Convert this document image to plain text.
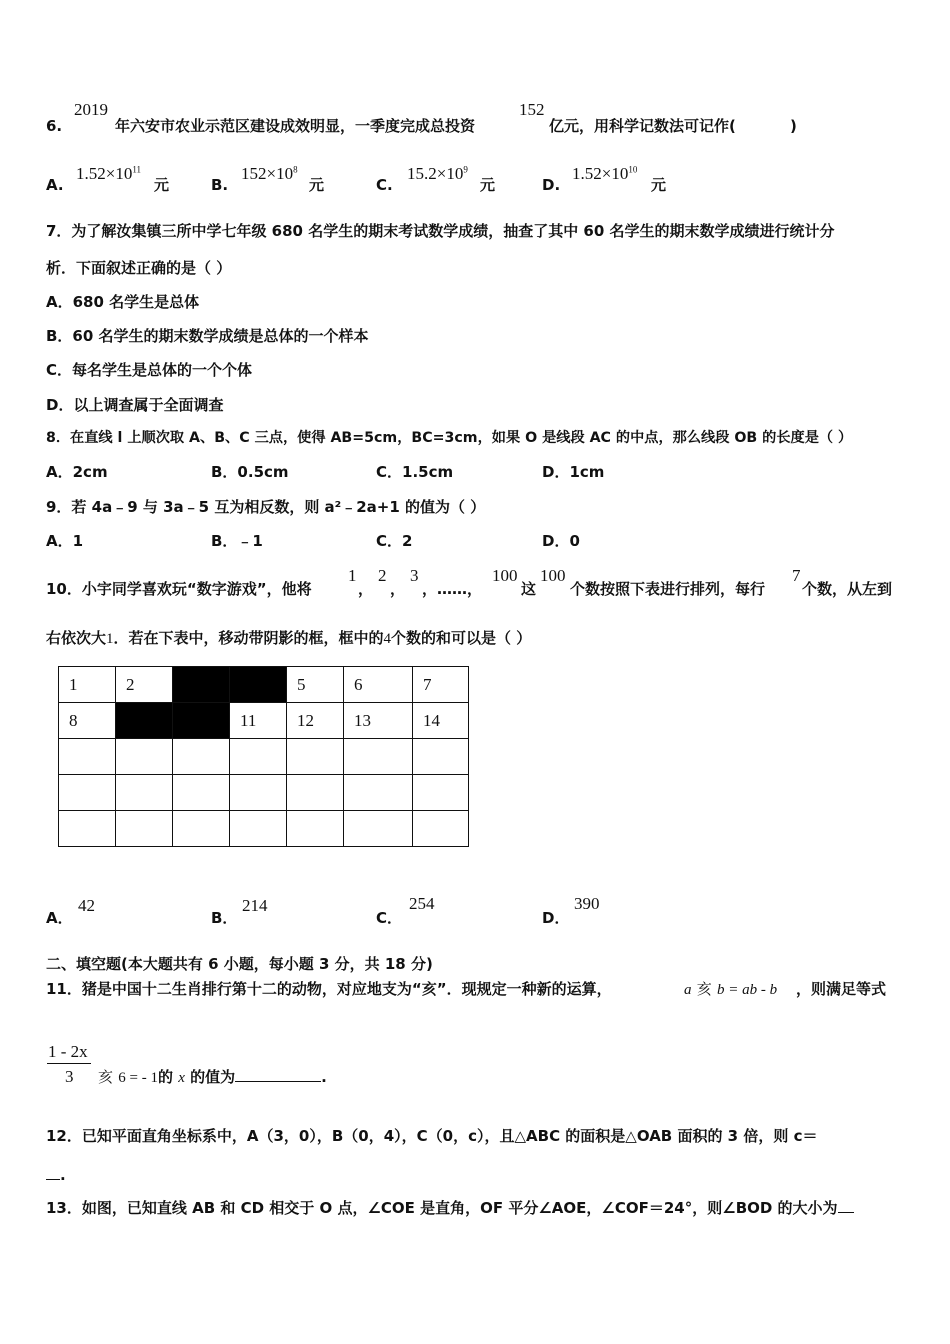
6.
2019
年六安市农业示范区建设成效明显，一季度完成总投资
152
亿元，用科学记数法可记作(	)
A.
$1.52\times 10^{11}$
元	B.
$152\times 10^8$
元	C.
$15.2\times 10^9$
元	D.
$1.52\times 10^{10}$
元
7．为了解汝集镇三所中学七年级 680 名学生的期末考试数学成绩，抽查了其中 60 名学生的期末数学成绩进行统计分
析．下面叙述正确的是（ ）
A．680 名学生是总体
B．60 名学生的期末数学成绩是总体的一个样本
C．每名学生是总体的一个个体
D．以上调查属于全面调查
8．在直线 l 上顺次取 A、B、C 三点，使得 AB=5cm，BC=3cm，如果 O 是线段 AC 的中点，那么线段 OB 的长度是（ ）
A．2cm	B．0.5cm	C．1.5cm	D．1cm
9．若 4a﹣9 与 3a﹣5 互为相反数，则 a²﹣2a+1 的值为（ ）
A．1	B．﹣1	C．2	D．0
10．小宇同学喜欢玩“数字游戏”，他将
1
，
2
，
3
，……，
100
这
100
个数按照下表进行排列，每行
7
个数，从左到
右依次大1．若在下表中，移动带阴影的框，框中的4个数的和可以是（ ）
1	2			5	6	7
8			11	12	13	14

A．
42
B．
214
C．
254
D．
390
二、填空题(本大题共有 6 小题，每小题 3 分，共 18 分)
11．猪是中国十二生肖排行第十二的动物，对应地支为“亥”．现规定一种新的运算，	a 亥 b = ab - b ，则满足等式
1 - 2x
3 亥 6 = - 1的 x 的值为	.
12．已知平面直角坐标系中，A（3，0），B（0，4），C（0，c），且△ABC 的面积是△OAB 面积的 3 倍，则 c＝
.
13．如图，已知直线 AB 和 CD 相交于 O 点，∠COE 是直角，OF 平分∠AOE，∠COF＝24°，则∠BOD 的大小为
